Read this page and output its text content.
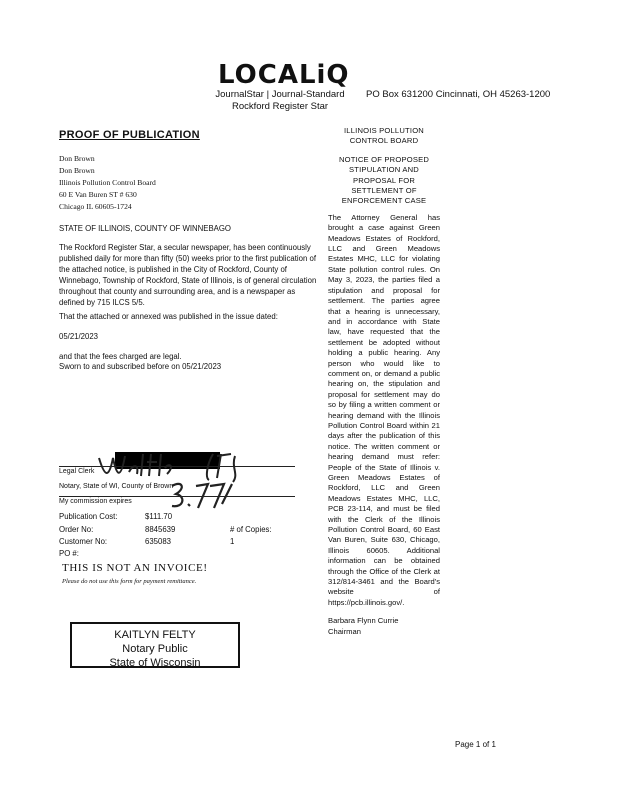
LOCALiQ
JournalStar | Journal-Standard
Rockford Register Star
PO Box 631200 Cincinnati, OH 45263-1200
PROOF OF PUBLICATION
Don Brown
Don Brown
Illinois Pollution Control Board
60 E Van Buren ST # 630
Chicago IL 60605-1724
STATE OF ILLINOIS, COUNTY OF WINNEBAGO
The Rockford Register Star, a secular newspaper, has been continuously published daily for more than fifty (50) weeks prior to the first publication of the attached notice, is published in the City of Rockford, County of Winnebago, Township of Rockford, State of Illinois, is of general circulation throughout that county and surrounding area, and is a newspaper as defined by 715 ILCS 5/5.
That the attached or annexed was published in the issue dated:
05/21/2023
and that the fees charged are legal.
Sworn to and subscribed before on 05/21/2023
Legal Clerk
Notary, State of WI, County of Brown
My commission expires
Publication Cost:	$111.70
Order No:	8845639	# of Copies:
Customer No:	635083	1
PO #:
THIS IS NOT AN INVOICE!
Please do not use this form for payment remittance.
KAITLYN FELTY
Notary Public
State of Wisconsin
ILLINOIS POLLUTION
CONTROL BOARD
NOTICE OF PROPOSED
STIPULATION AND
PROPOSAL FOR
SETTLEMENT OF
ENFORCEMENT CASE
The Attorney General has brought a case against Green Meadows Estates of Rockford, LLC and Green Meadows Estates MHC, LLC for violating State pollution control rules. On May 3, 2023, the parties filed a stipulation and proposal for settlement. The parties agree that a hearing is unnecessary, and in accordance with State law, have requested that the settlement be adopted without holding a public hearing. Any person who would like to comment on, or demand a public hearing on, the stipulation and proposal for settlement may do so by filing a written comment or hearing demand with the Illinois Pollution Control Board within 21 days after the publication of this notice. The written comment or hearing demand must refer: People of the State of Illinois v. Green Meadows Estates of Rockford, LLC and Green Meadows Estates MHC, LLC, PCB 23-114, and must be filed with the Clerk of the Illinois Pollution Control Board, 60 East Van Buren, Suite 630, Chicago, Illinois 60605. Additional information can be obtained through the Office of the Clerk at 312/814-3461 and the Board's website of https://pcb.illinois.gov/.
Barbara Flynn Currie
Chairman
Page 1 of 1
